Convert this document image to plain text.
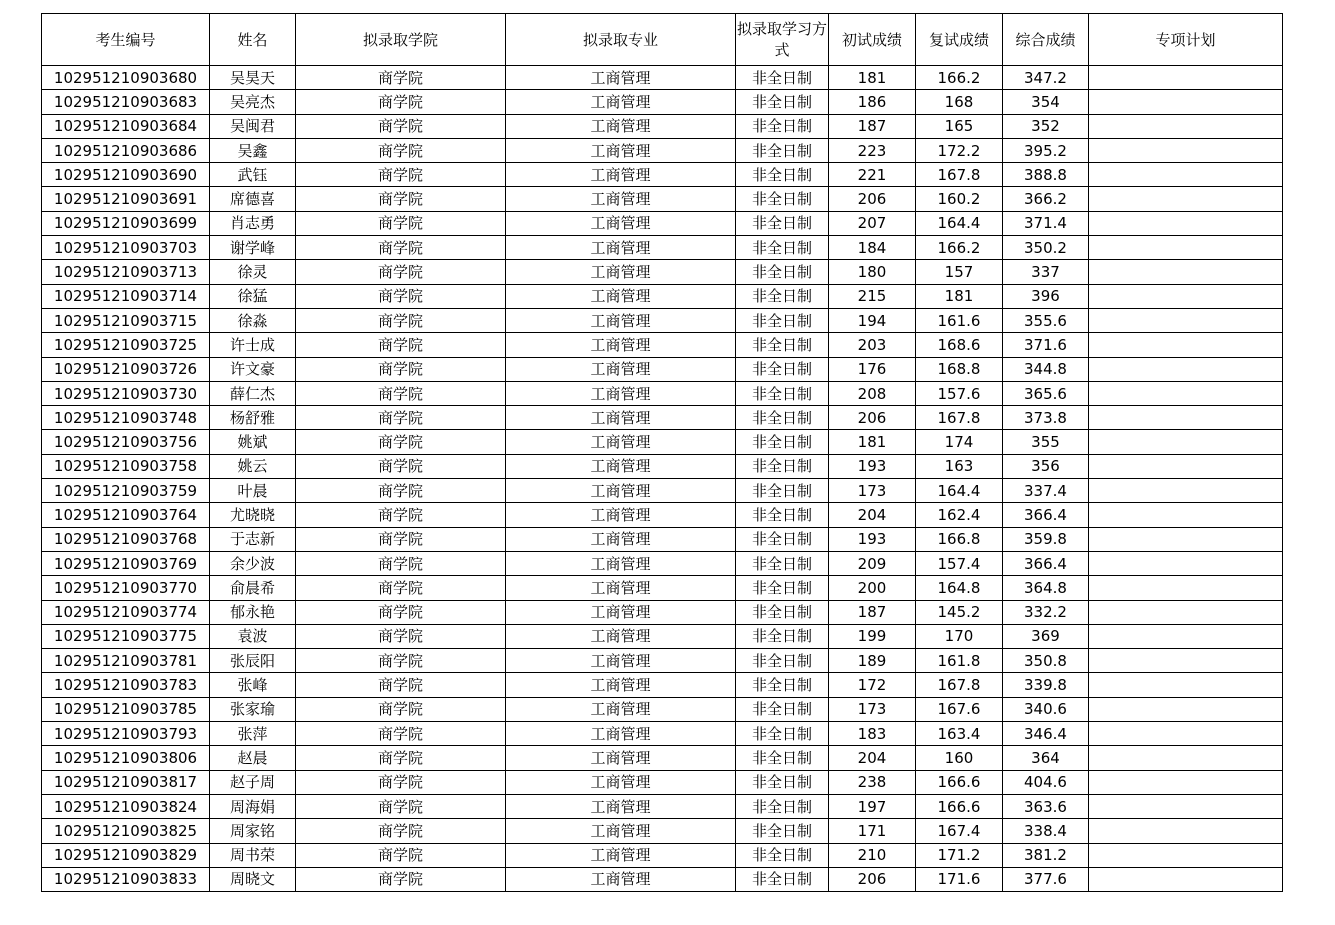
考生编号	姓名	拟录取学院	拟录取专业	拟录取学习方式	初试成绩	复试成绩	综合成绩	专项计划
102951210903680	吴昊天	商学院	工商管理	非全日制	181	166.2	347.2	
102951210903683	吴亮杰	商学院	工商管理	非全日制	186	168	354	
102951210903684	吴闽君	商学院	工商管理	非全日制	187	165	352	
102951210903686	吴鑫	商学院	工商管理	非全日制	223	172.2	395.2	
102951210903690	武钰	商学院	工商管理	非全日制	221	167.8	388.8	
102951210903691	席德喜	商学院	工商管理	非全日制	206	160.2	366.2	
102951210903699	肖志勇	商学院	工商管理	非全日制	207	164.4	371.4	
102951210903703	谢学峰	商学院	工商管理	非全日制	184	166.2	350.2	
102951210903713	徐灵	商学院	工商管理	非全日制	180	157	337	
102951210903714	徐猛	商学院	工商管理	非全日制	215	181	396	
102951210903715	徐淼	商学院	工商管理	非全日制	194	161.6	355.6	
102951210903725	许士成	商学院	工商管理	非全日制	203	168.6	371.6	
102951210903726	许文豪	商学院	工商管理	非全日制	176	168.8	344.8	
102951210903730	薛仁杰	商学院	工商管理	非全日制	208	157.6	365.6	
102951210903748	杨舒雅	商学院	工商管理	非全日制	206	167.8	373.8	
102951210903756	姚斌	商学院	工商管理	非全日制	181	174	355	
102951210903758	姚云	商学院	工商管理	非全日制	193	163	356	
102951210903759	叶晨	商学院	工商管理	非全日制	173	164.4	337.4	
102951210903764	尤晓晓	商学院	工商管理	非全日制	204	162.4	366.4	
102951210903768	于志新	商学院	工商管理	非全日制	193	166.8	359.8	
102951210903769	余少波	商学院	工商管理	非全日制	209	157.4	366.4	
102951210903770	俞晨希	商学院	工商管理	非全日制	200	164.8	364.8	
102951210903774	郁永艳	商学院	工商管理	非全日制	187	145.2	332.2	
102951210903775	袁波	商学院	工商管理	非全日制	199	170	369	
102951210903781	张辰阳	商学院	工商管理	非全日制	189	161.8	350.8	
102951210903783	张峰	商学院	工商管理	非全日制	172	167.8	339.8	
102951210903785	张家瑜	商学院	工商管理	非全日制	173	167.6	340.6	
102951210903793	张萍	商学院	工商管理	非全日制	183	163.4	346.4	
102951210903806	赵晨	商学院	工商管理	非全日制	204	160	364	
102951210903817	赵子周	商学院	工商管理	非全日制	238	166.6	404.6	
102951210903824	周海娟	商学院	工商管理	非全日制	197	166.6	363.6	
102951210903825	周家铭	商学院	工商管理	非全日制	171	167.4	338.4	
102951210903829	周书荣	商学院	工商管理	非全日制	210	171.2	381.2	
102951210903833	周晓文	商学院	工商管理	非全日制	206	171.6	377.6	
